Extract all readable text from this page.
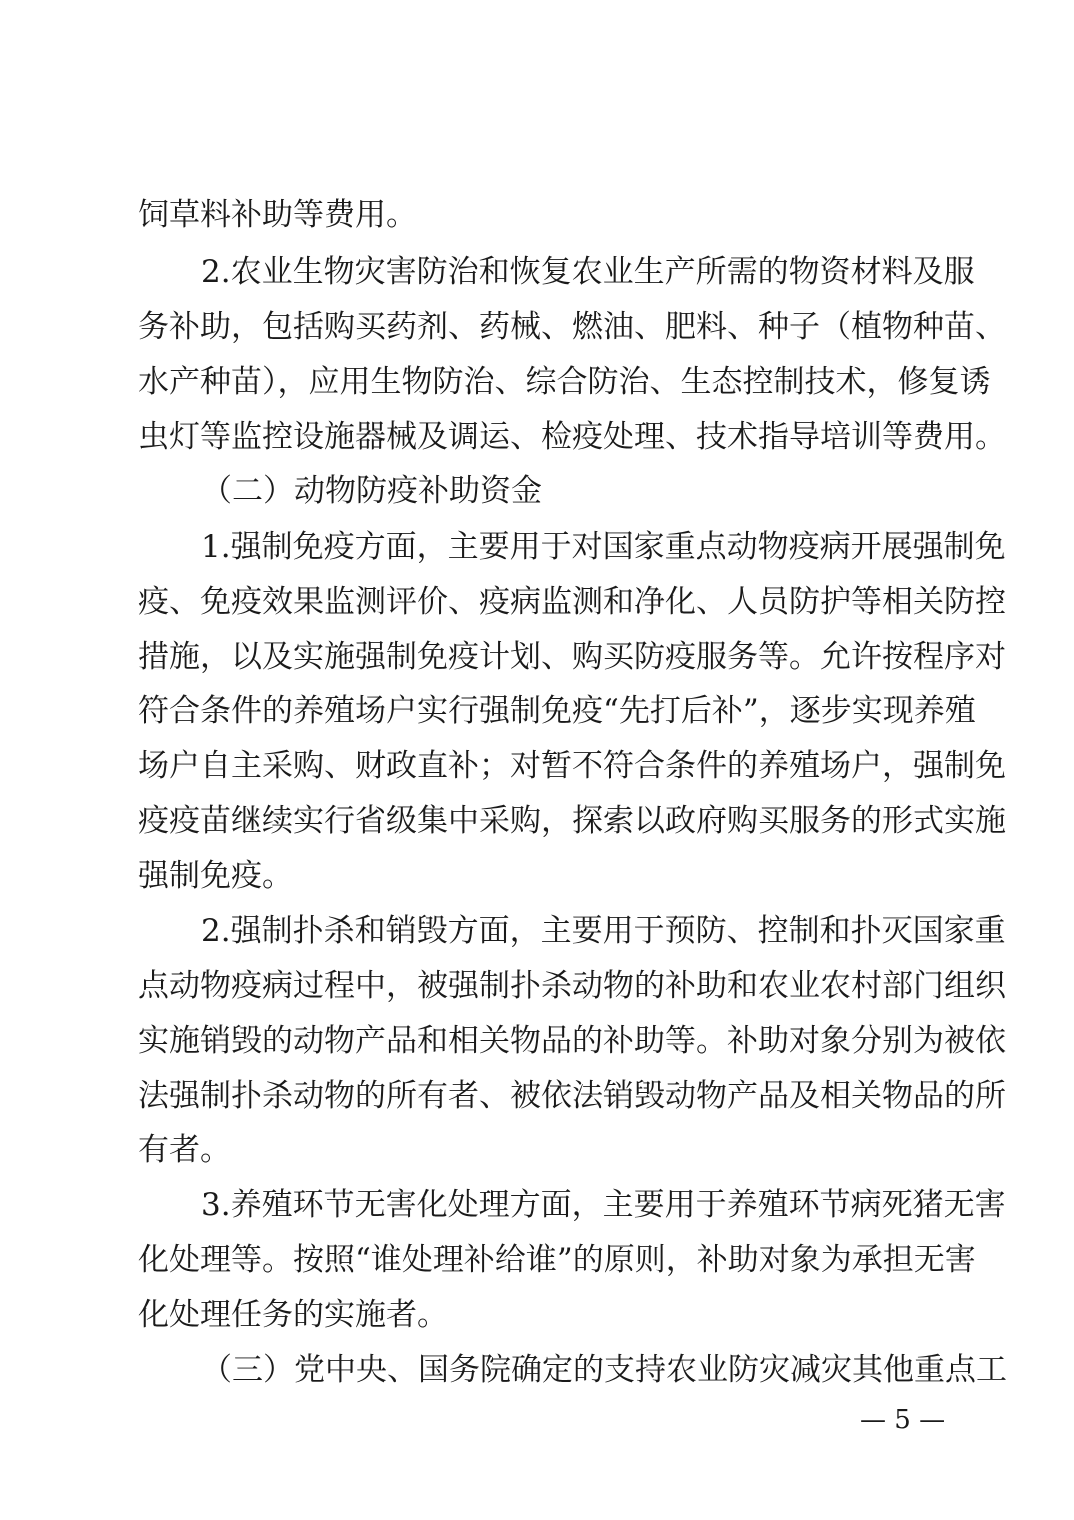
饲草料补助等费用。
2.农业生物灾害防治和恢复农业生产所需的物资材料及服
务补助，包括购买药剂、药械、燃油、肥料、种子（植物种苗、
水产种苗），应用生物防治、综合防治、生态控制技术，修复诱
虫灯等监控设施器械及调运、检疫处理、技术指导培训等费用。
（二）动物防疫补助资金
1.强制免疫方面，主要用于对国家重点动物疫病开展强制免
疫、免疫效果监测评价、疫病监测和净化、人员防护等相关防控
措施，以及实施强制免疫计划、购买防疫服务等。允许按程序对
符合条件的养殖场户实行强制免疫“先打后补”，逐步实现养殖
场户自主采购、财政直补；对暂不符合条件的养殖场户，强制免
疫疫苗继续实行省级集中采购，探索以政府购买服务的形式实施
强制免疫。
2.强制扑杀和销毁方面，主要用于预防、控制和扑灭国家重
点动物疫病过程中，被强制扑杀动物的补助和农业农村部门组织
实施销毁的动物产品和相关物品的补助等。补助对象分别为被依
法强制扑杀动物的所有者、被依法销毁动物产品及相关物品的所
有者。
3.养殖环节无害化处理方面，主要用于养殖环节病死猪无害
化处理等。按照“谁处理补给谁”的原则，补助对象为承担无害
化处理任务的实施者。
（三）党中央、国务院确定的支持农业防灾减灾其他重点工
— 5 —
